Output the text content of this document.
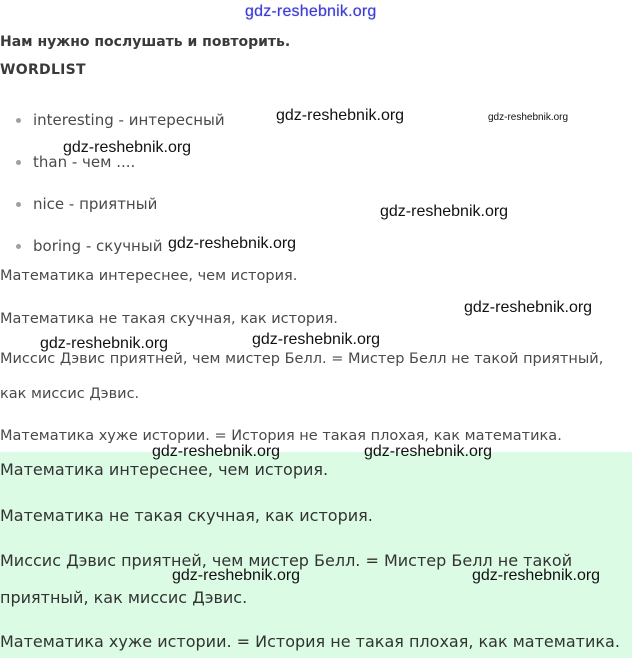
Математика интереснее, чем история.
Математика не такая скучная, как история.
Миссис Дэвис приятней, чем мистер Белл. = Мистер Белл не такой
приятный, как миссис Дэвис.
Математика хуже истории. = История не такая плохая, как математика.
gdz-reshebnik.org
Нам нужно послушать и повторить.
WORDLIST
interesting - интересный
than - чем ....
nice - приятный
boring - скучный
Математика интереснее, чем история.
Математика не такая скучная, как история.
Миссис Дэвис приятней, чем мистер Белл. = Мистер Белл не такой приятный,
как миссис Дэвис.
Математика хуже истории. = История не такая плохая, как математика.
gdz-reshebnik.org	gdz-reshebnik.org
gdz-reshebnik.org
gdz-reshebnik.org
gdz-reshebnik.org
gdz-reshebnik.org
gdz-reshebnik.org	gdz-reshebnik.org
gdz-reshebnik.org	gdz-reshebnik.org
gdz-reshebnik.org	gdz-reshebnik.org
